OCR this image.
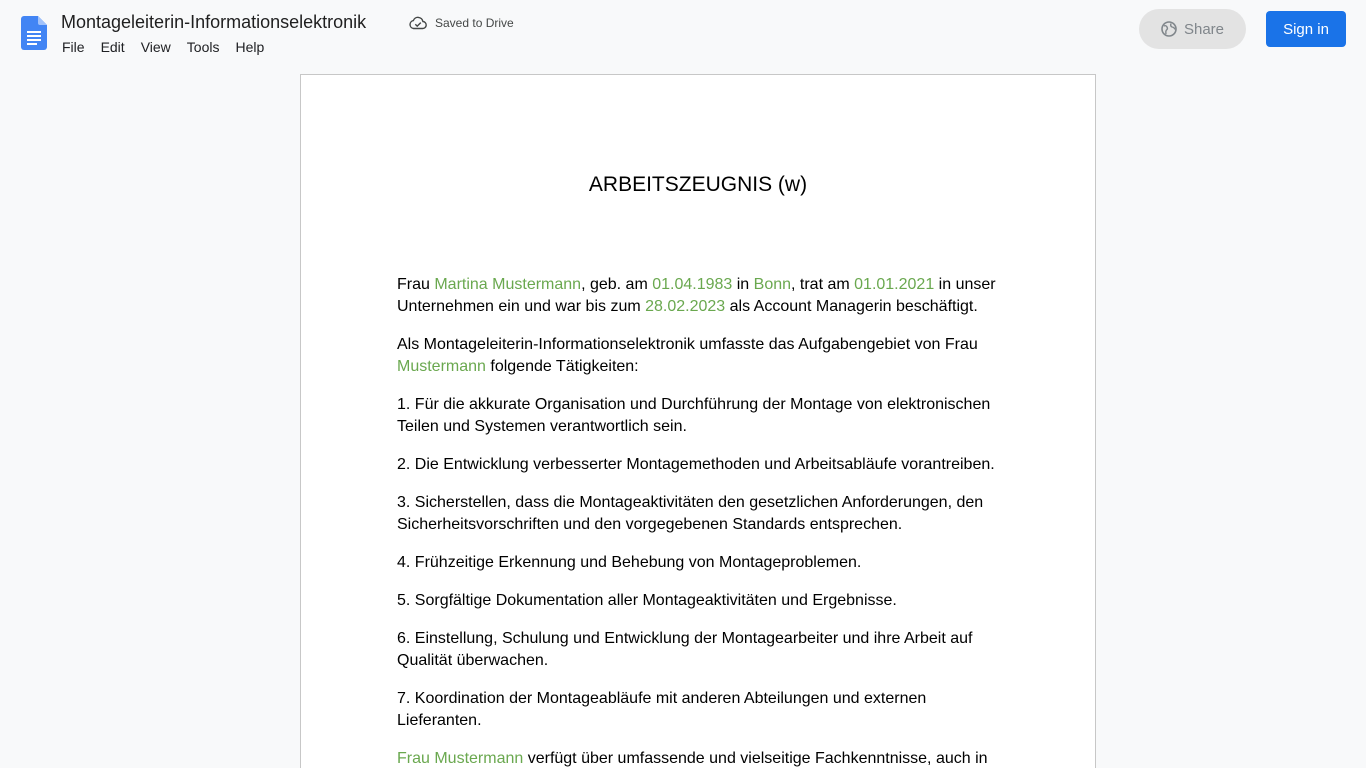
Montageleiterin-Informationselektronik	Saved to Drive
File	Edit	View	Tools	Help
Share	Sign in
ARBEITSZEUGNIS (w)

Frau Martina Mustermann, geb. am 01.04.1983 in Bonn, trat am 01.01.2021 in unser Unternehmen ein und war bis zum 28.02.2023 als Account Managerin beschäftigt.

Als Montageleiterin-Informationselektronik umfasste das Aufgabengebiet von Frau Mustermann folgende Tätigkeiten:

1. Für die akkurate Organisation und Durchführung der Montage von elektronischen Teilen und Systemen verantwortlich sein.

2. Die Entwicklung verbesserter Montagemethoden und Arbeitsabläufe vorantreiben.

3. Sicherstellen, dass die Montageaktivitäten den gesetzlichen Anforderungen, den Sicherheitsvorschriften und den vorgegebenen Standards entsprechen.

4. Frühzeitige Erkennung und Behebung von Montageproblemen.

5. Sorgfältige Dokumentation aller Montageaktivitäten und Ergebnisse.

6. Einstellung, Schulung und Entwicklung der Montagearbeiter und ihre Arbeit auf Qualität überwachen.

7. Koordination der Montageabläufe mit anderen Abteilungen und externen Lieferanten.

Frau Mustermann verfügt über umfassende und vielseitige Fachkenntnisse, auch in
